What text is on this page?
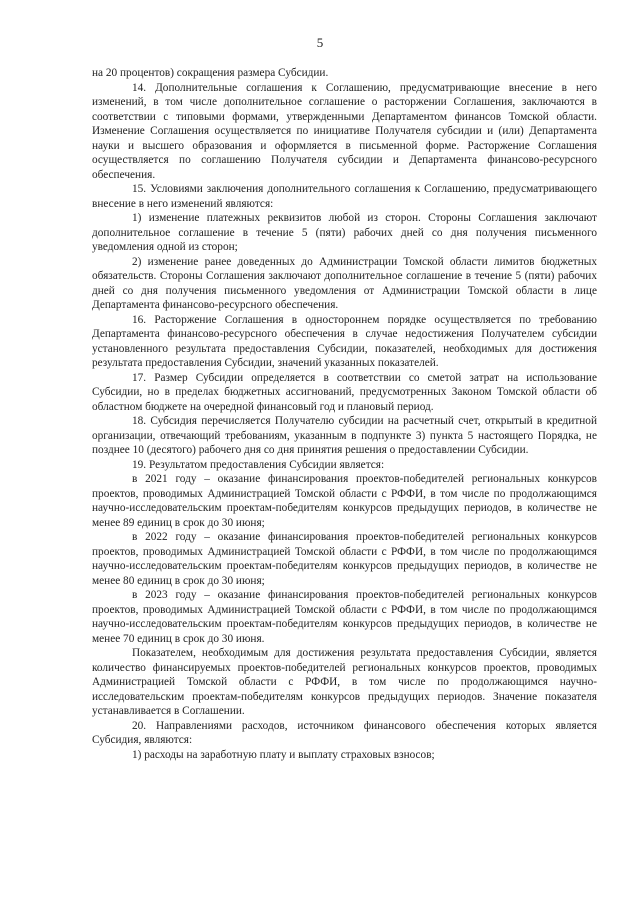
5

на 20 процентов) сокращения размера Субсидии.

14. Дополнительные соглашения к Соглашению, предусматривающие внесение в него изменений, в том числе дополнительное соглашение о расторжении Соглашения, заключаются в соответствии с типовыми формами, утвержденными Департаментом финансов Томской области. Изменение Соглашения осуществляется по инициативе Получателя субсидии и (или) Департамента науки и высшего образования и оформляется в письменной форме. Расторжение Соглашения осуществляется по соглашению Получателя субсидии и Департамента финансово-ресурсного обеспечения.

15. Условиями заключения дополнительного соглашения к Соглашению, предусматривающего внесение в него изменений являются:

1) изменение платежных реквизитов любой из сторон. Стороны Соглашения заключают дополнительное соглашение в течение 5 (пяти) рабочих дней со дня получения письменного уведомления одной из сторон;

2) изменение ранее доведенных до Администрации Томской области лимитов бюджетных обязательств. Стороны Соглашения заключают дополнительное соглашение в течение 5 (пяти) рабочих дней со дня получения письменного уведомления от Администрации Томской области в лице Департамента финансово-ресурсного обеспечения.

16. Расторжение Соглашения в одностороннем порядке осуществляется по требованию Департамента финансово-ресурсного обеспечения в случае недостижения Получателем субсидии установленного результата предоставления Субсидии, показателей, необходимых для достижения результата предоставления Субсидии, значений указанных показателей.

17. Размер Субсидии определяется в соответствии со сметой затрат на использование Субсидии, но в пределах бюджетных ассигнований, предусмотренных Законом Томской области об областном бюджете на очередной финансовый год и плановый период.

18. Субсидия перечисляется Получателю субсидии на расчетный счет, открытый в кредитной организации, отвечающий требованиям, указанным в подпункте 3) пункта 5 настоящего Порядка, не позднее 10 (десятого) рабочего дня со дня принятия решения о предоставлении Субсидии.

19. Результатом предоставления Субсидии является:

в 2021 году – оказание финансирования проектов-победителей региональных конкурсов проектов, проводимых Администрацией Томской области с РФФИ, в том числе по продолжающимся научно-исследовательским проектам-победителям конкурсов предыдущих периодов, в количестве не менее 89 единиц в срок до 30 июня;

в 2022 году – оказание финансирования проектов-победителей региональных конкурсов проектов, проводимых Администрацией Томской области с РФФИ, в том числе по продолжающимся научно-исследовательским проектам-победителям конкурсов предыдущих периодов, в количестве не менее 80 единиц в срок до 30 июня;

в 2023 году – оказание финансирования проектов-победителей региональных конкурсов проектов, проводимых Администрацией Томской области с РФФИ, в том числе по продолжающимся научно-исследовательским проектам-победителям конкурсов предыдущих периодов, в количестве не менее 70 единиц в срок до 30 июня.

Показателем, необходимым для достижения результата предоставления Субсидии, является количество финансируемых проектов-победителей региональных конкурсов проектов, проводимых Администрацией Томской области с РФФИ, в том числе по продолжающимся научно-исследовательским проектам-победителям конкурсов предыдущих периодов. Значение показателя устанавливается в Соглашении.

20. Направлениями расходов, источником финансового обеспечения которых является Субсидия, являются:

1) расходы на заработную плату и выплату страховых взносов;
